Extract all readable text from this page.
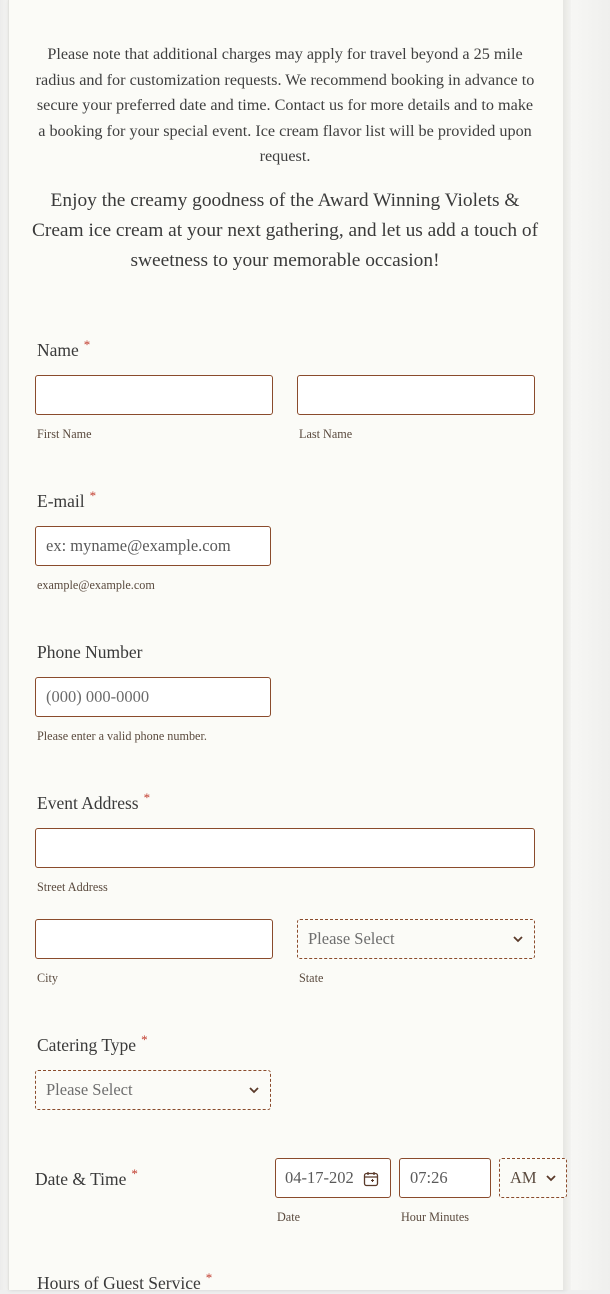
Please note that additional charges may apply for travel beyond a 25 mile radius and for customization requests. We recommend booking in advance to secure your preferred date and time. Contact us for more details and to make a booking for your special event. Ice cream flavor list will be provided upon request.
Enjoy the creamy goodness of the Award Winning Violets & Cream ice cream at your next gathering, and let us add a touch of sweetness to your memorable occasion!
Name *
First Name	Last Name
E-mail *
ex: myname@example.com
example@example.com
Phone Number
(000) 000-0000
Please enter a valid phone number.
Event Address *
Street Address
Please Select
City	State
Catering Type *
Please Select
Date & Time *	04-17-202	07:26	AM
Date	Hour Minutes
Hours of Guest Service *
